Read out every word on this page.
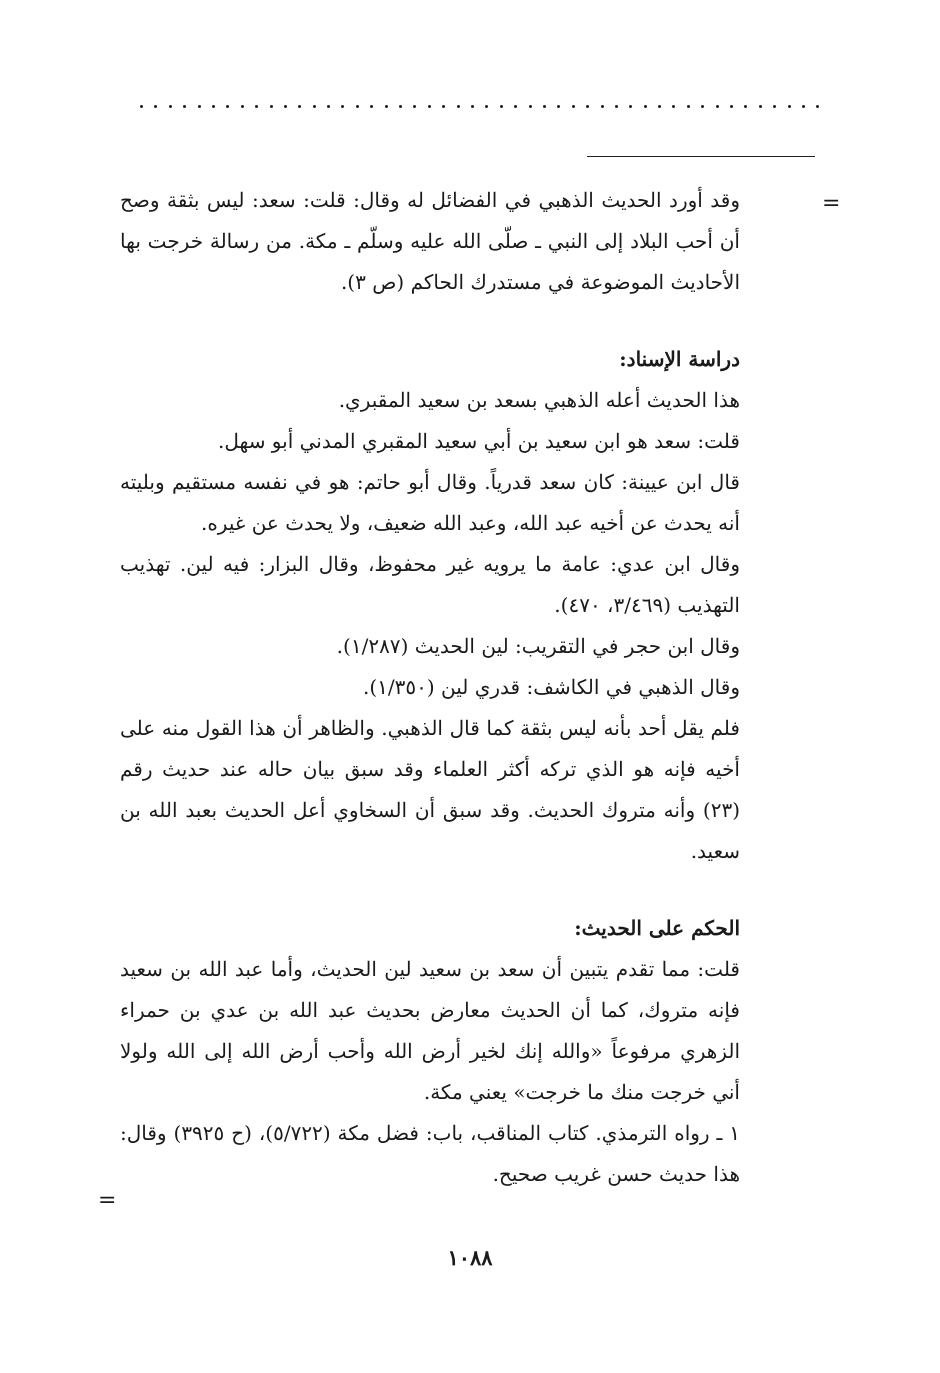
=

وقد أورد الحديث الذهبي في الفضائل له وقال: قلت: سعد: ليس بثقة وصح أن أحب البلاد إلى النبي ـ صلّى الله عليه وسلّم ـ مكة. من رسالة خرجت بها الأحاديث الموضوعة في مستدرك الحاكم (ص ٣).

دراسة الإسناد:

هذا الحديث أعله الذهبي بسعد بن سعيد المقبري.

قلت: سعد هو ابن سعيد بن أبي سعيد المقبري المدني أبو سهل.

قال ابن عيينة: كان سعد قدرياً. وقال أبو حاتم: هو في نفسه مستقيم وبليته أنه يحدث عن أخيه عبد الله، وعبد الله ضعيف، ولا يحدث عن غيره.

وقال ابن عدي: عامة ما يرويه غير محفوظ، وقال البزار: فيه لين. تهذيب التهذيب (٣/٤٦٩، ٤٧٠).

وقال ابن حجر في التقريب: لين الحديث (١/٢٨٧).

وقال الذهبي في الكاشف: قدري لين (١/٣٥٠).

فلم يقل أحد بأنه ليس بثقة كما قال الذهبي. والظاهر أن هذا القول منه على أخيه فإنه هو الذي تركه أكثر العلماء وقد سبق بيان حاله عند حديث رقم (٢٣) وأنه متروك الحديث. وقد سبق أن السخاوي أعل الحديث بعبد الله بن سعيد.

الحكم على الحديث:

قلت: مما تقدم يتبين أن سعد بن سعيد لين الحديث، وأما عبد الله بن سعيد فإنه متروك، كما أن الحديث معارض بحديث عبد الله بن عدي بن حمراء الزهري مرفوعاً «والله إنك لخير أرض الله وأحب أرض الله إلى الله ولولا أني خرجت منك ما خرجت» يعني مكة.

١ ـ رواه الترمذي. كتاب المناقب، باب: فضل مكة (٥/٧٢٢)، (ح ٣٩٢٥) وقال: هذا حديث حسن غريب صحيح.

=
١٠٨٨
